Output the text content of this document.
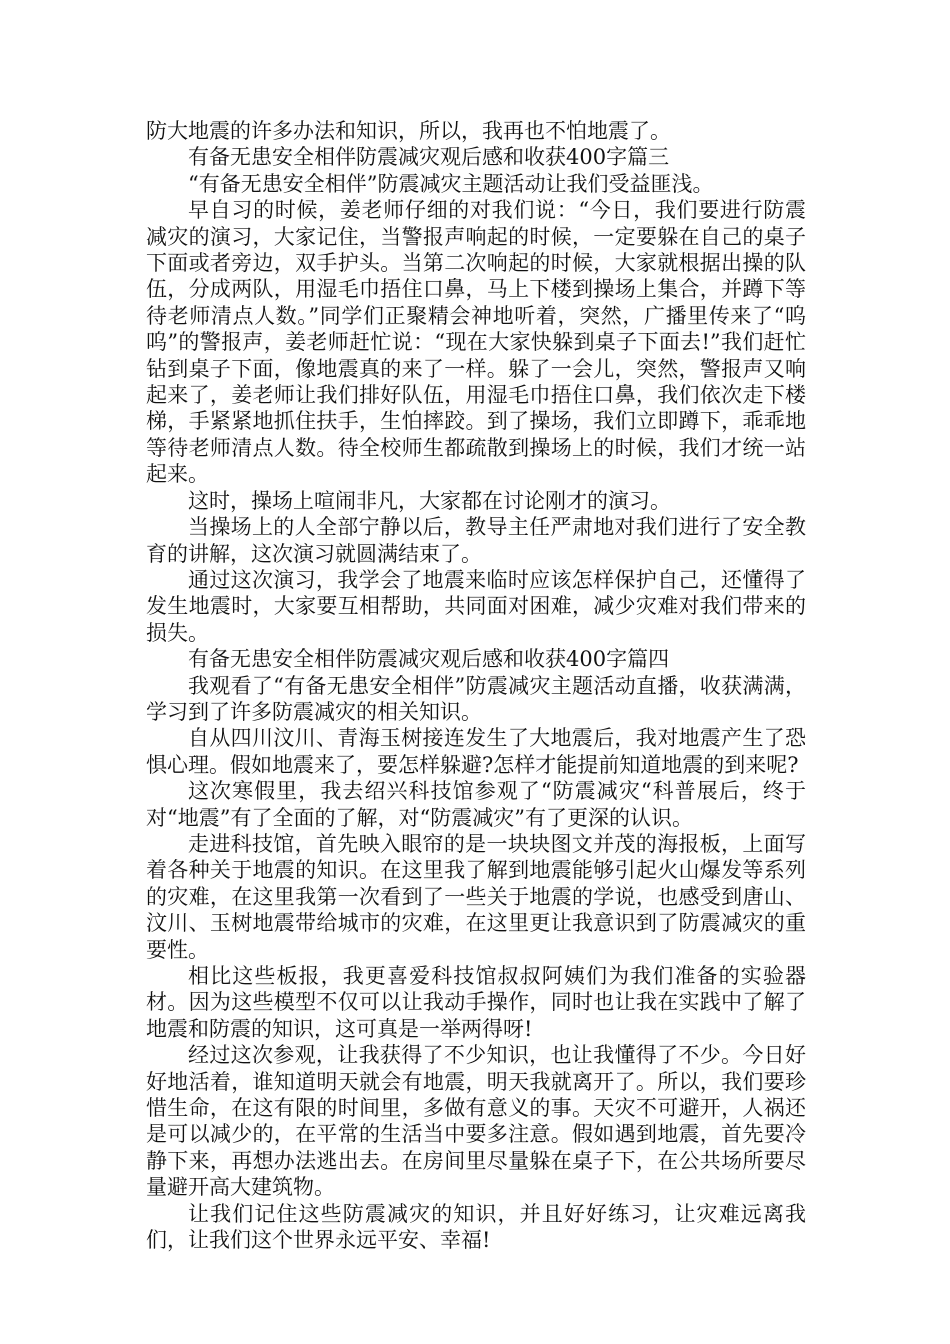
防大地震的许多办法和知识，所以，我再也不怕地震了。

有备无患安全相伴防震减灾观后感和收获400字篇三

“有备无患安全相伴”防震减灾主题活动让我们受益匪浅。

早自习的时候，姜老师仔细的对我们说：“今日，我们要进行防震减灾的演习，大家记住，当警报声响起的时候，一定要躲在自己的桌子下面或者旁边，双手护头。当第二次响起的时候，大家就根据出操的队伍，分成两队，用湿毛巾捂住口鼻，马上下楼到操场上集合，并蹲下等待老师清点人数。”同学们正聚精会神地听着，突然，广播里传来了“呜呜”的警报声，姜老师赶忙说：“现在大家快躲到桌子下面去!”我们赶忙钻到桌子下面，像地震真的来了一样。躲了一会儿，突然，警报声又响起来了，姜老师让我们排好队伍，用湿毛巾捂住口鼻，我们依次走下楼梯，手紧紧地抓住扶手，生怕摔跤。到了操场，我们立即蹲下，乖乖地等待老师清点人数。待全校师生都疏散到操场上的时候，我们才统一站起来。

这时，操场上喧闹非凡，大家都在讨论刚才的演习。

当操场上的人全部宁静以后，教导主任严肃地对我们进行了安全教育的讲解，这次演习就圆满结束了。

通过这次演习，我学会了地震来临时应该怎样保护自己，还懂得了发生地震时，大家要互相帮助，共同面对困难，减少灾难对我们带来的损失。

有备无患安全相伴防震减灾观后感和收获400字篇四

我观看了“有备无患安全相伴”防震减灾主题活动直播，收获满满，学习到了许多防震减灾的相关知识。

自从四川汶川、青海玉树接连发生了大地震后，我对地震产生了恐惧心理。假如地震来了，要怎样躲避?怎样才能提前知道地震的到来呢?

这次寒假里，我去绍兴科技馆参观了“防震减灾“科普展后，终于对“地震”有了全面的了解，对“防震减灾”有了更深的认识。

走进科技馆，首先映入眼帘的是一块块图文并茂的海报板，上面写着各种关于地震的知识。在这里我了解到地震能够引起火山爆发等系列的灾难，在这里我第一次看到了一些关于地震的学说，也感受到唐山、汶川、玉树地震带给城市的灾难，在这里更让我意识到了防震减灾的重要性。

相比这些板报，我更喜爱科技馆叔叔阿姨们为我们准备的实验器材。因为这些模型不仅可以让我动手操作，同时也让我在实践中了解了地震和防震的知识，这可真是一举两得呀!

经过这次参观，让我获得了不少知识，也让我懂得了不少。今日好好地活着，谁知道明天就会有地震，明天我就离开了。所以，我们要珍惜生命，在这有限的时间里，多做有意义的事。天灾不可避开，人祸还是可以减少的，在平常的生活当中要多注意。假如遇到地震，首先要冷静下来，再想办法逃出去。在房间里尽量躲在桌子下，在公共场所要尽量避开高大建筑物。

让我们记住这些防震减灾的知识，并且好好练习，让灾难远离我们，让我们这个世界永远平安、幸福!
